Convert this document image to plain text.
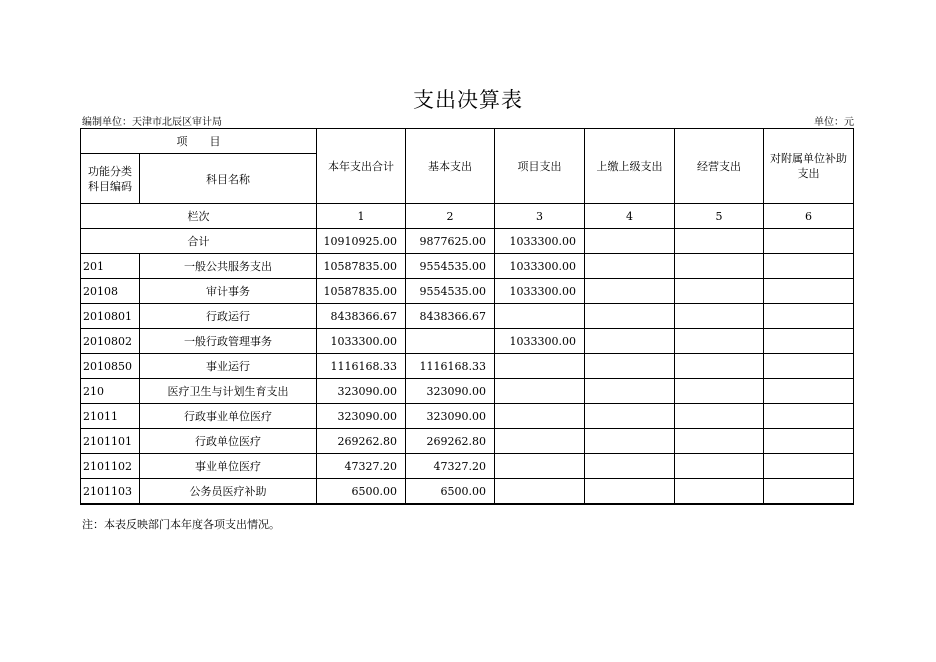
支出决算表
编制单位：天津市北辰区审计局	单位：元
项　　目		本年支出合计	基本支出	项目支出	上缴上级支出	经营支出	对附属单位补助支出
功能分类科目编码	科目名称						
栏次		1	2	3	4	5	6
合计		10910925.00	9877625.00	1033300.00			
201	一般公共服务支出	10587835.00	9554535.00	1033300.00			
20108	审计事务	10587835.00	9554535.00	1033300.00			
2010801	行政运行	8438366.67	8438366.67				
2010802	一般行政管理事务	1033300.00		1033300.00			
2010850	事业运行	1116168.33	1116168.33				
210	医疗卫生与计划生育支出	323090.00	323090.00				
21011	行政事业单位医疗	323090.00	323090.00				
2101101	行政单位医疗	269262.80	269262.80				
2101102	事业单位医疗	47327.20	47327.20				
2101103	公务员医疗补助	6500.00	6500.00				
注：本表反映部门本年度各项支出情况。
